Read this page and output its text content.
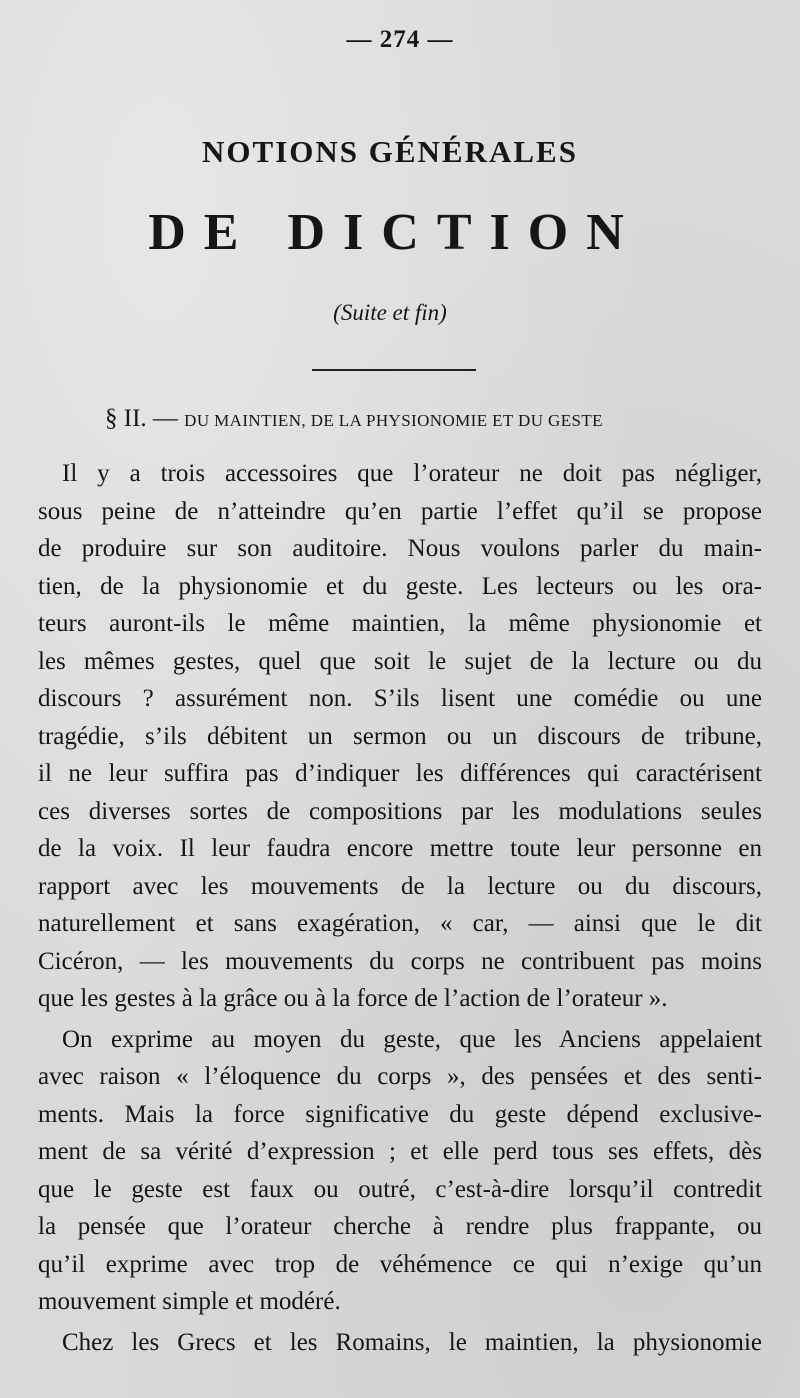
— 274 —
NOTIONS GÉNÉRALES
DE DICTION
(Suite et fin)
§ II. — DU MAINTIEN, DE LA PHYSIONOMIE ET DU GESTE
Il y a trois accessoires que l’orateur ne doit pas négliger,
sous peine de n’atteindre qu’en partie l’effet qu’il se propose
de produire sur son auditoire. Nous voulons parler du main-
tien, de la physionomie et du geste. Les lecteurs ou les ora-
teurs auront-ils le même maintien, la même physionomie et
les mêmes gestes, quel que soit le sujet de la lecture ou du
discours ? assurément non. S’ils lisent une comédie ou une
tragédie, s’ils débitent un sermon ou un discours de tribune,
il ne leur suffira pas d’indiquer les différences qui caractérisent
ces diverses sortes de compositions par les modulations seules
de la voix. Il leur faudra encore mettre toute leur personne en
rapport avec les mouvements de la lecture ou du discours,
naturellement et sans exagération, « car, — ainsi que le dit
Cicéron, — les mouvements du corps ne contribuent pas moins
que les gestes à la grâce ou à la force de l’action de l’orateur ».
On exprime au moyen du geste, que les Anciens appelaient
avec raison « l’éloquence du corps », des pensées et des senti-
ments. Mais la force significative du geste dépend exclusive-
ment de sa vérité d’expression ; et elle perd tous ses effets, dès
que le geste est faux ou outré, c’est-à-dire lorsqu’il contredit
la pensée que l’orateur cherche à rendre plus frappante, ou
qu’il exprime avec trop de véhémence ce qui n’exige qu’un
mouvement simple et modéré.
Chez les Grecs et les Romains, le maintien, la physionomie
